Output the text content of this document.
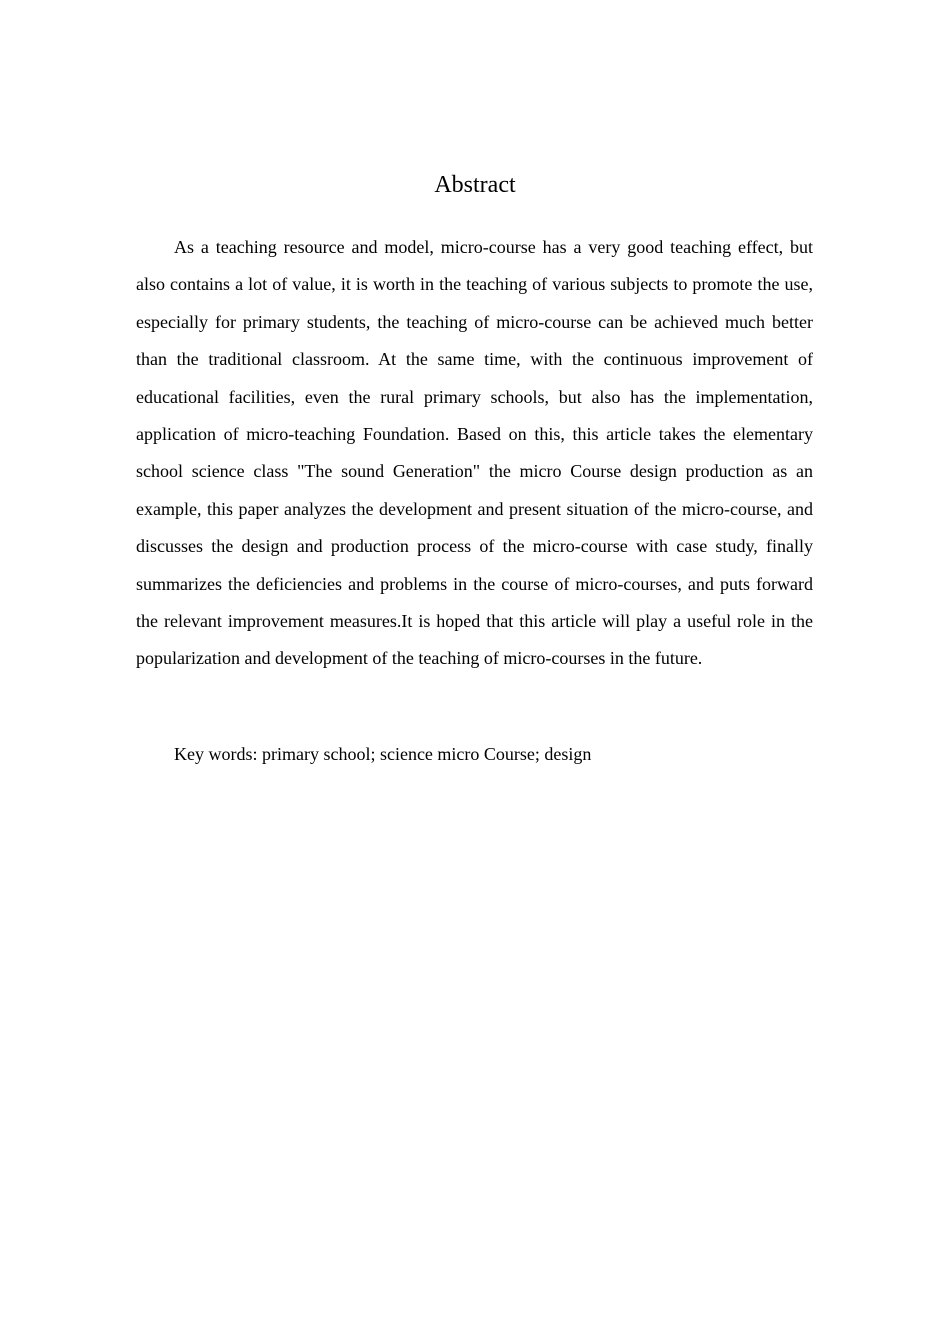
Abstract

As a teaching resource and model, micro-course has a very good teaching effect, but also contains a lot of value, it is worth in the teaching of various subjects to promote the use, especially for primary students, the teaching of micro-course can be achieved much better than the traditional classroom. At the same time, with the continuous improvement of educational facilities, even the rural primary schools, but also has the implementation, application of micro-teaching Foundation. Based on this, this article takes the elementary school science class "The sound Generation" the micro Course design production as an example, this paper analyzes the development and present situation of the micro-course, and discusses the design and production process of the micro-course with case study, finally summarizes the deficiencies and problems in the course of micro-courses, and puts forward the relevant improvement measures.It is hoped that this article will play a useful role in the popularization and development of the teaching of micro-courses in the future.

Key words: primary school; science micro Course; design
